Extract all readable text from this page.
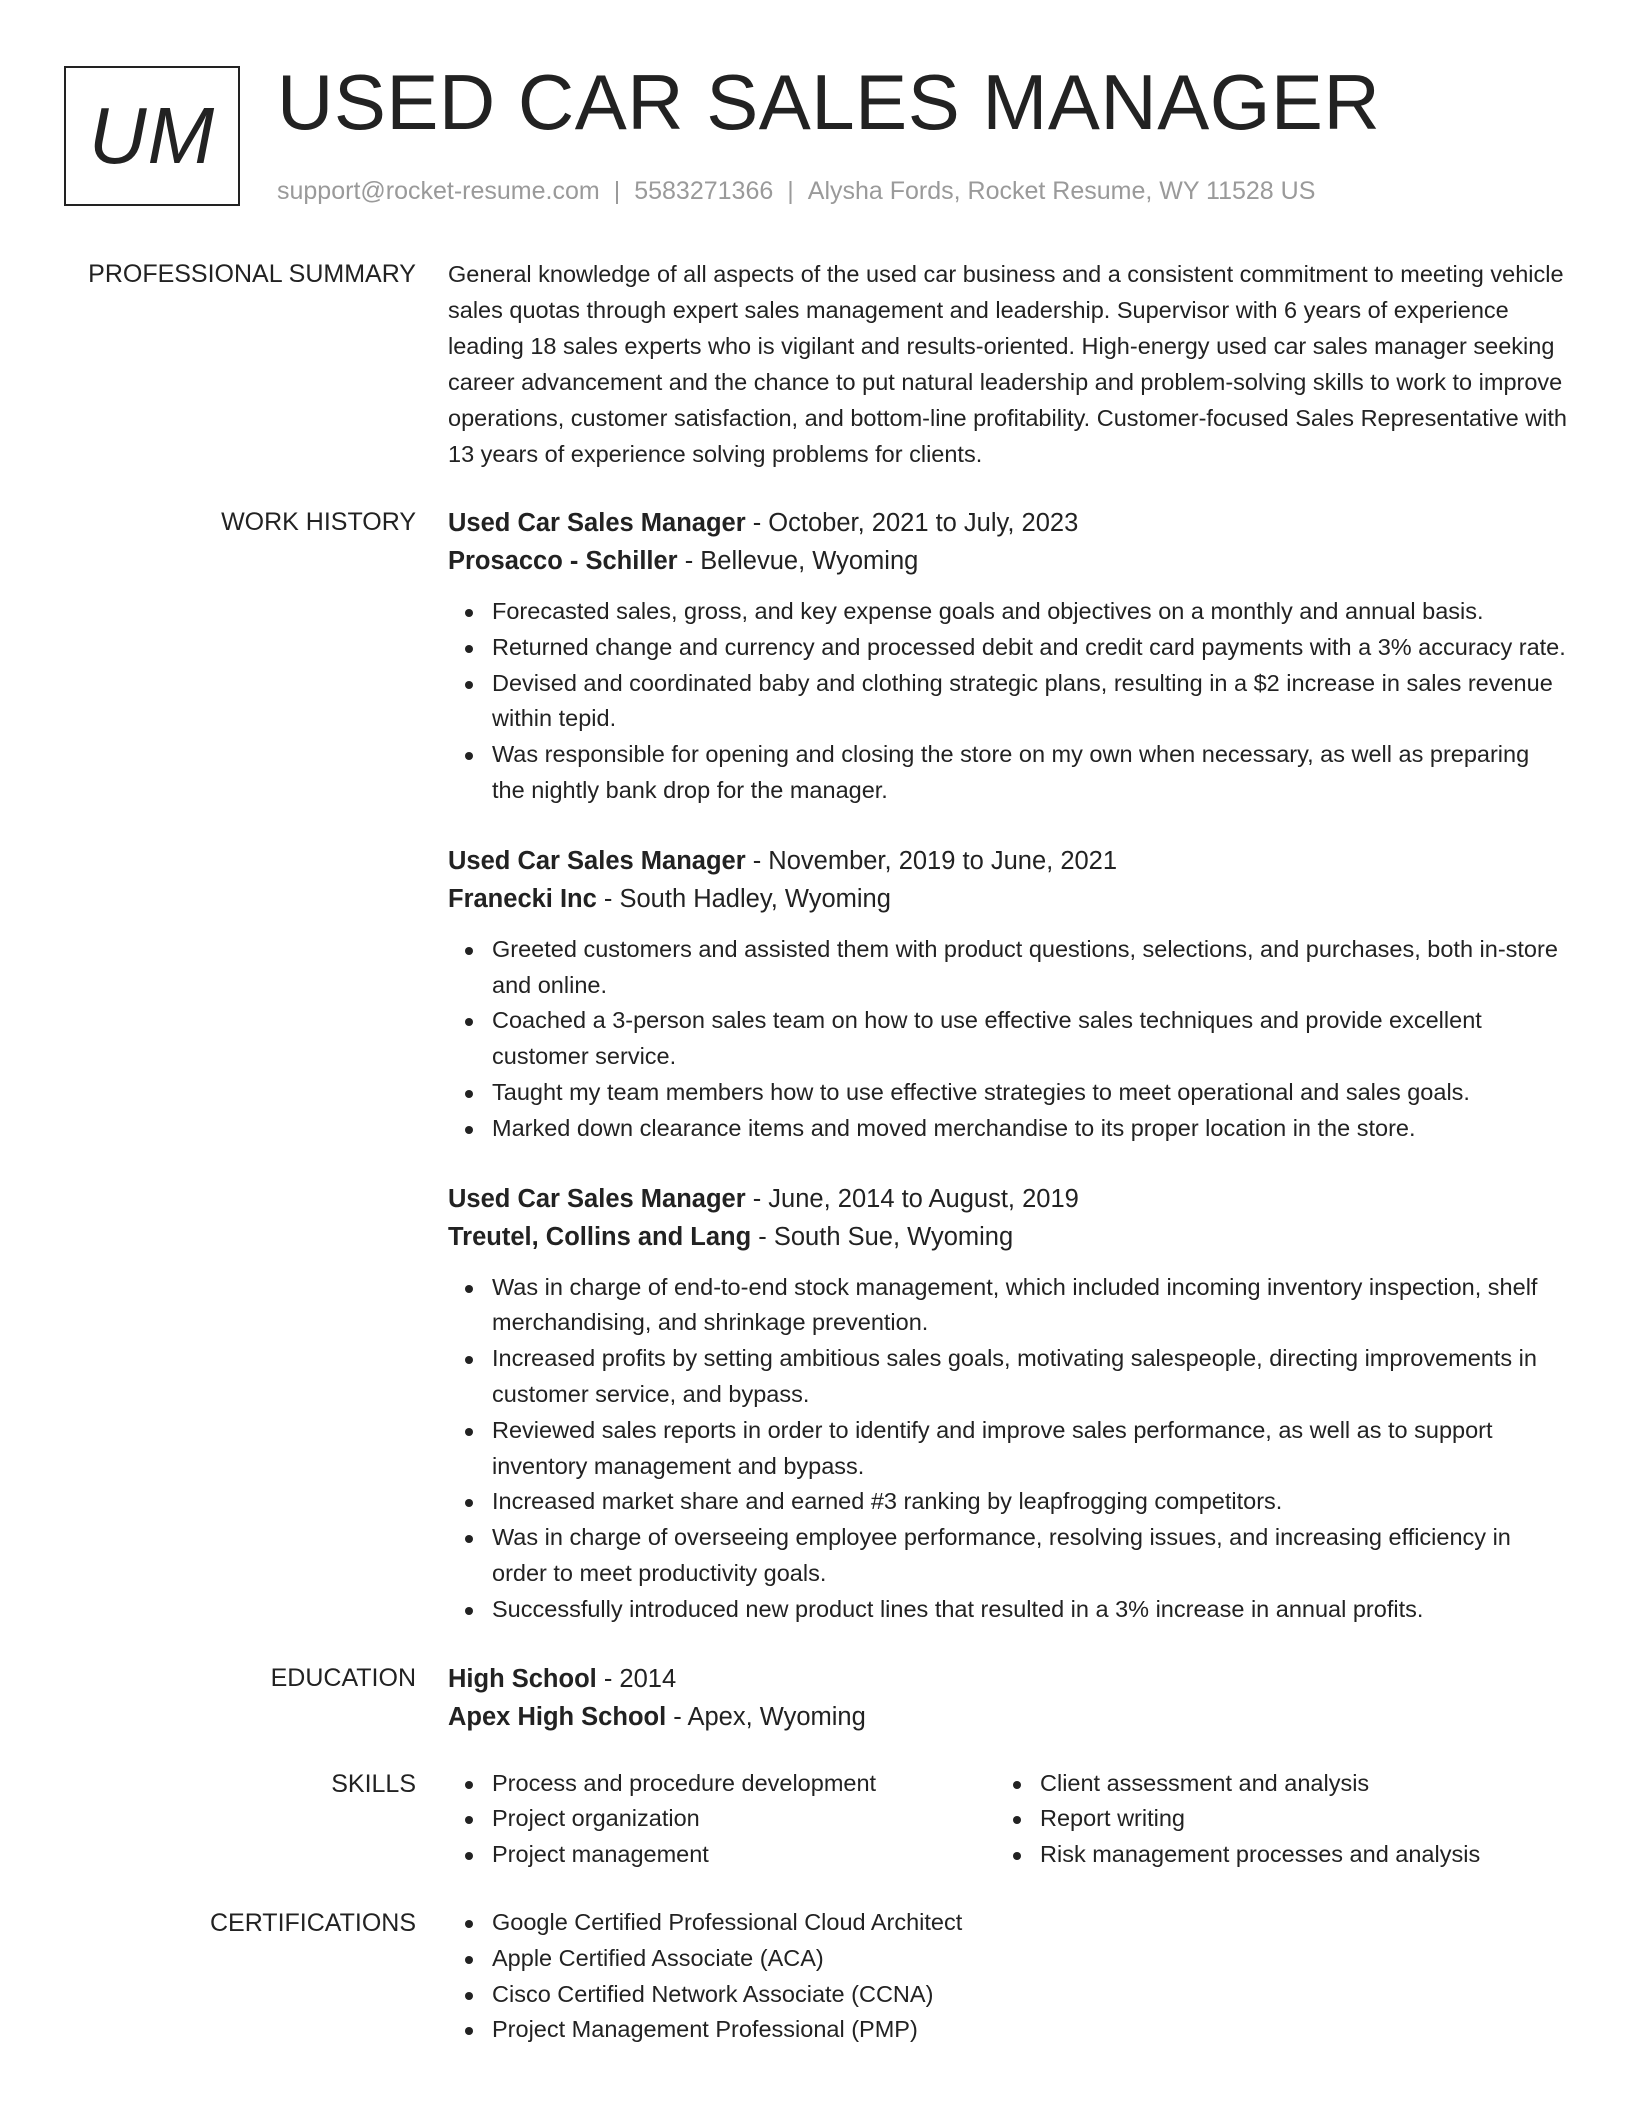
UM USED CAR SALES MANAGER
support@rocket-resume.com | 5583271366 | Alysha Fords, Rocket Resume, WY 11528 US
PROFESSIONAL SUMMARY General knowledge of all aspects of the used car business and a consistent commitment to meeting vehicle sales quotas through expert sales management and leadership. Supervisor with 6 years of experience leading 18 sales experts who is vigilant and results-oriented. High-energy used car sales manager seeking career advancement and the chance to put natural leadership and problem-solving skills to work to improve operations, customer satisfaction, and bottom-line profitability. Customer-focused Sales Representative with 13 years of experience solving problems for clients.

WORK HISTORY Used Car Sales Manager - October, 2021 to July, 2023
Prosacco - Schiller - Bellevue, Wyoming
Forecasted sales, gross, and key expense goals and objectives on a monthly and annual basis.
Returned change and currency and processed debit and credit card payments with a 3% accuracy rate.
Devised and coordinated baby and clothing strategic plans, resulting in a $2 increase in sales revenue within tepid.
Was responsible for opening and closing the store on my own when necessary, as well as preparing the nightly bank drop for the manager.
Used Car Sales Manager - November, 2019 to June, 2021
Franecki Inc - South Hadley, Wyoming
Greeted customers and assisted them with product questions, selections, and purchases, both in-store and online.
Coached a 3-person sales team on how to use effective sales techniques and provide excellent customer service.
Taught my team members how to use effective strategies to meet operational and sales goals.
Marked down clearance items and moved merchandise to its proper location in the store.
Used Car Sales Manager - June, 2014 to August, 2019
Treutel, Collins and Lang - South Sue, Wyoming
Was in charge of end-to-end stock management, which included incoming inventory inspection, shelf merchandising, and shrinkage prevention.
Increased profits by setting ambitious sales goals, motivating salespeople, directing improvements in customer service, and bypass.
Reviewed sales reports in order to identify and improve sales performance, as well as to support inventory management and bypass.
Increased market share and earned #3 ranking by leapfrogging competitors.
Was in charge of overseeing employee performance, resolving issues, and increasing efficiency in order to meet productivity goals.
Successfully introduced new product lines that resulted in a 3% increase in annual profits.
EDUCATION High School - 2014
Apex High School - Apex, Wyoming
SKILLS	Process and procedure development
Project organization
Project management
Client assessment and analysis
Report writing
Risk management processes and analysis
CERTIFICATIONS	Google Certified Professional Cloud Architect
Apple Certified Associate (ACA)
Cisco Certified Network Associate (CCNA)
Project Management Professional (PMP)
